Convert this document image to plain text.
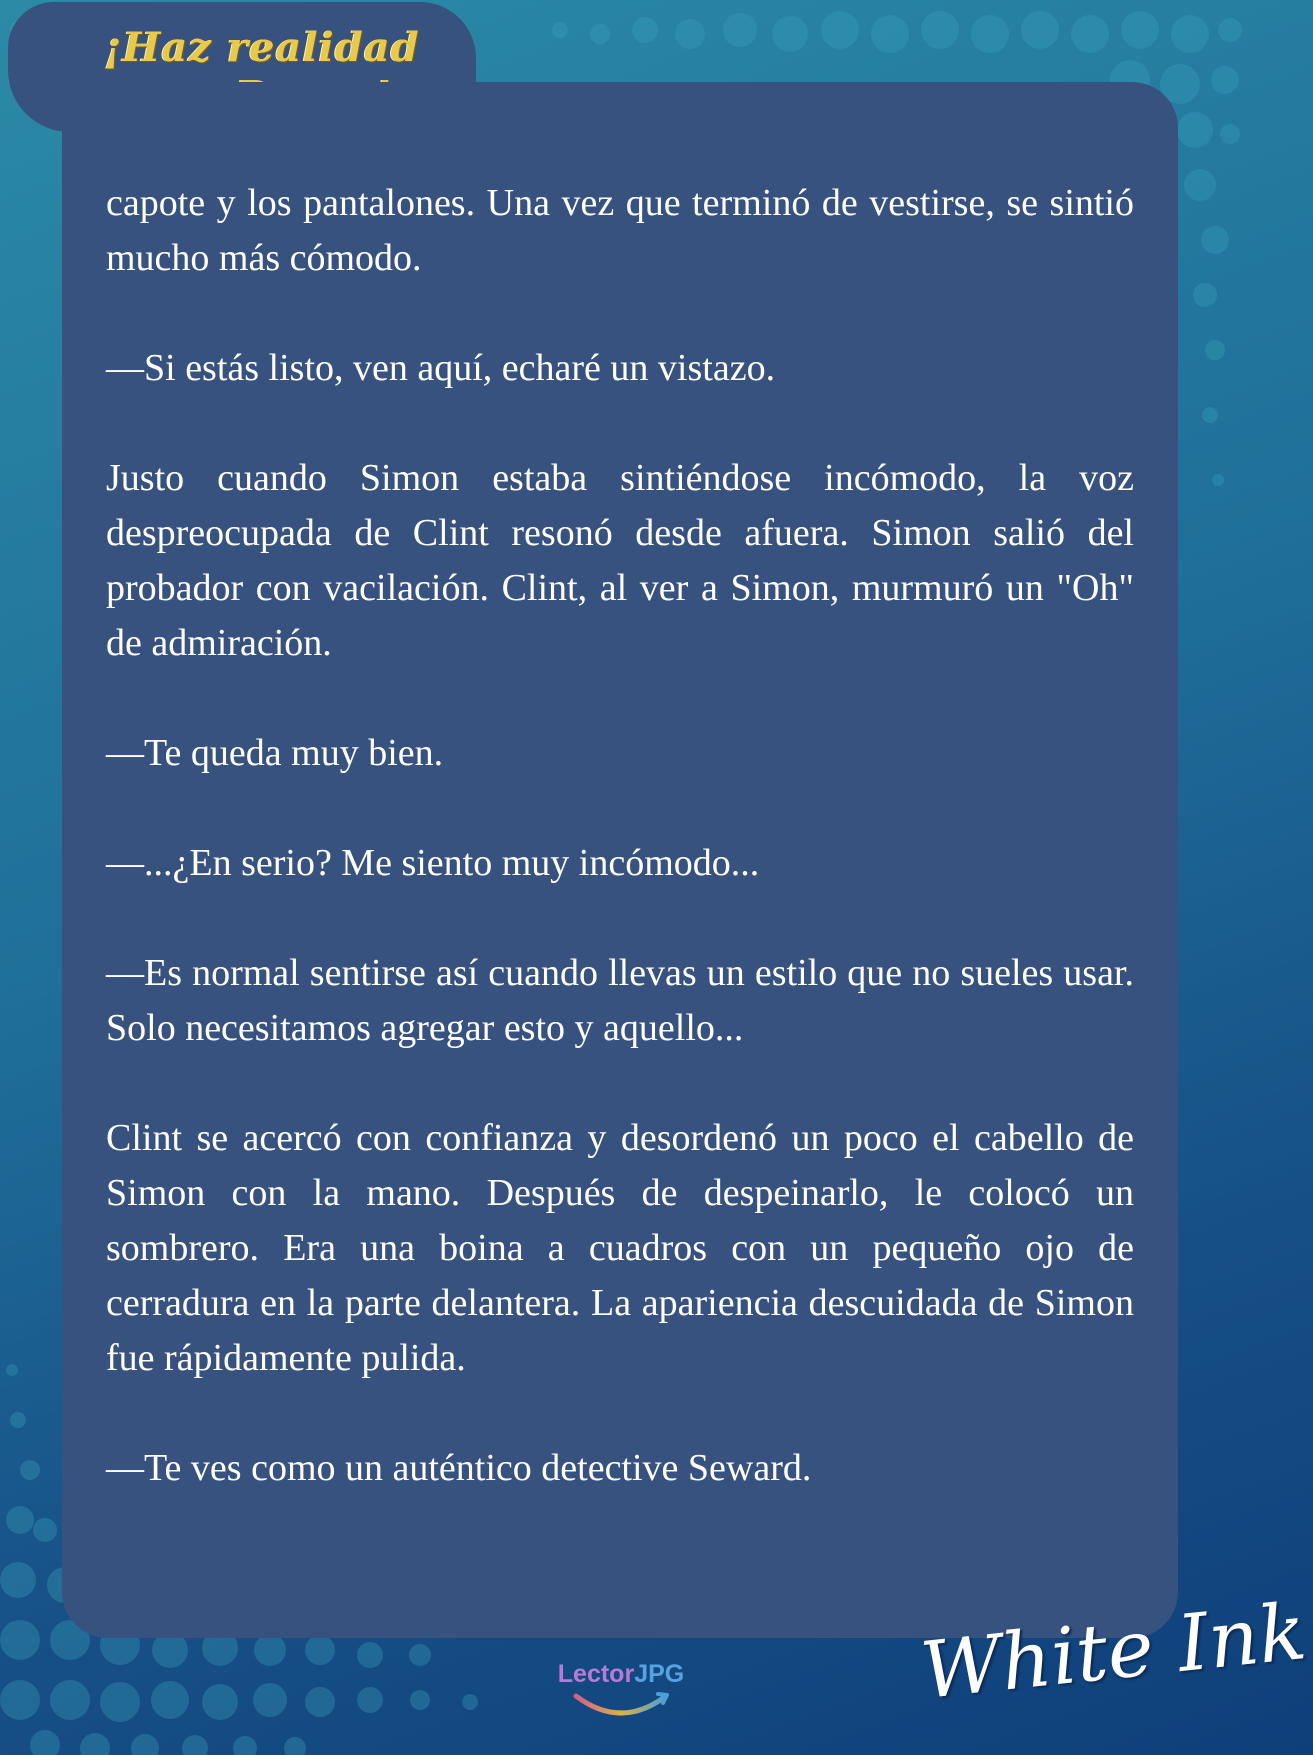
¡Haz realidad

capote y los pantalones. Una vez que terminó de vestirse, se sintió mucho más cómodo.

—Si estás listo, ven aquí, echaré un vistazo.

Justo cuando Simon estaba sintiéndose incómodo, la voz despreocupada de Clint resonó desde afuera. Simon salió del probador con vacilación. Clint, al ver a Simon, murmuró un "Oh" de admiración.

—Te queda muy bien.

—...¿En serio? Me siento muy incómodo...

—Es normal sentirse así cuando llevas un estilo que no sueles usar. Solo necesitamos agregar esto y aquello...

Clint se acercó con confianza y desordenó un poco el cabello de Simon con la mano. Después de despeinarlo, le colocó un sombrero. Era una boina a cuadros con un pequeño ojo de cerradura en la parte delantera. La apariencia descuidada de Simon fue rápidamente pulida.

—Te ves como un auténtico detective Seward.

LectorJPG	White Ink
